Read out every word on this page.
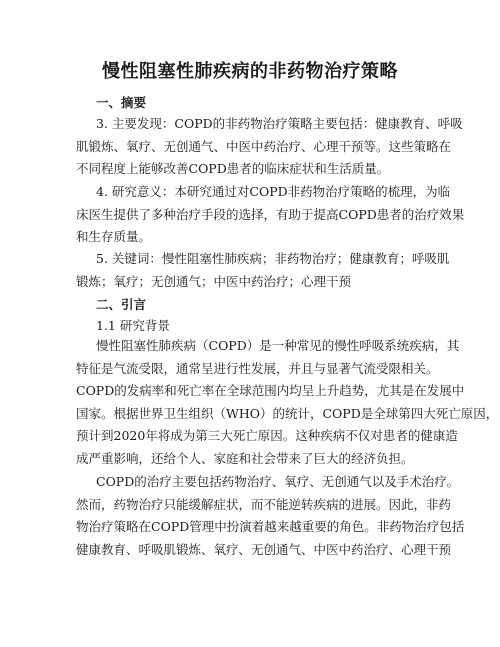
慢性阻塞性肺疾病的非药物治疗策略
一、摘要
3. 主要发现：COPD的非药物治疗策略主要包括：健康教育、呼吸
肌锻炼、氧疗、无创通气、中医中药治疗、心理干预等。这些策略在
不同程度上能够改善COPD患者的临床症状和生活质量。
4. 研究意义：本研究通过对COPD非药物治疗策略的梳理，为临
床医生提供了多种治疗手段的选择，有助于提高COPD患者的治疗效果
和生存质量。
5. 关键词：慢性阻塞性肺疾病；非药物治疗；健康教育；呼吸肌
锻炼；氧疗；无创通气；中医中药治疗；心理干预
二、引言
1.1 研究背景
慢性阻塞性肺疾病（COPD）是一种常见的慢性呼吸系统疾病，其
特征是气流受限，通常呈进行性发展，并且与显著气流受限相关。
COPD的发病率和死亡率在全球范围内均呈上升趋势，尤其是在发展中
国家。根据世界卫生组织（WHO）的统计，COPD是全球第四大死亡原因，
预计到2020年将成为第三大死亡原因。这种疾病不仅对患者的健康造
成严重影响，还给个人、家庭和社会带来了巨大的经济负担。
COPD的治疗主要包括药物治疗、氧疗、无创通气以及手术治疗。
然而，药物治疗只能缓解症状，而不能逆转疾病的进展。因此，非药
物治疗策略在COPD管理中扮演着越来越重要的角色。非药物治疗包括
健康教育、呼吸肌锻炼、氧疗、无创通气、中医中药治疗、心理干预
